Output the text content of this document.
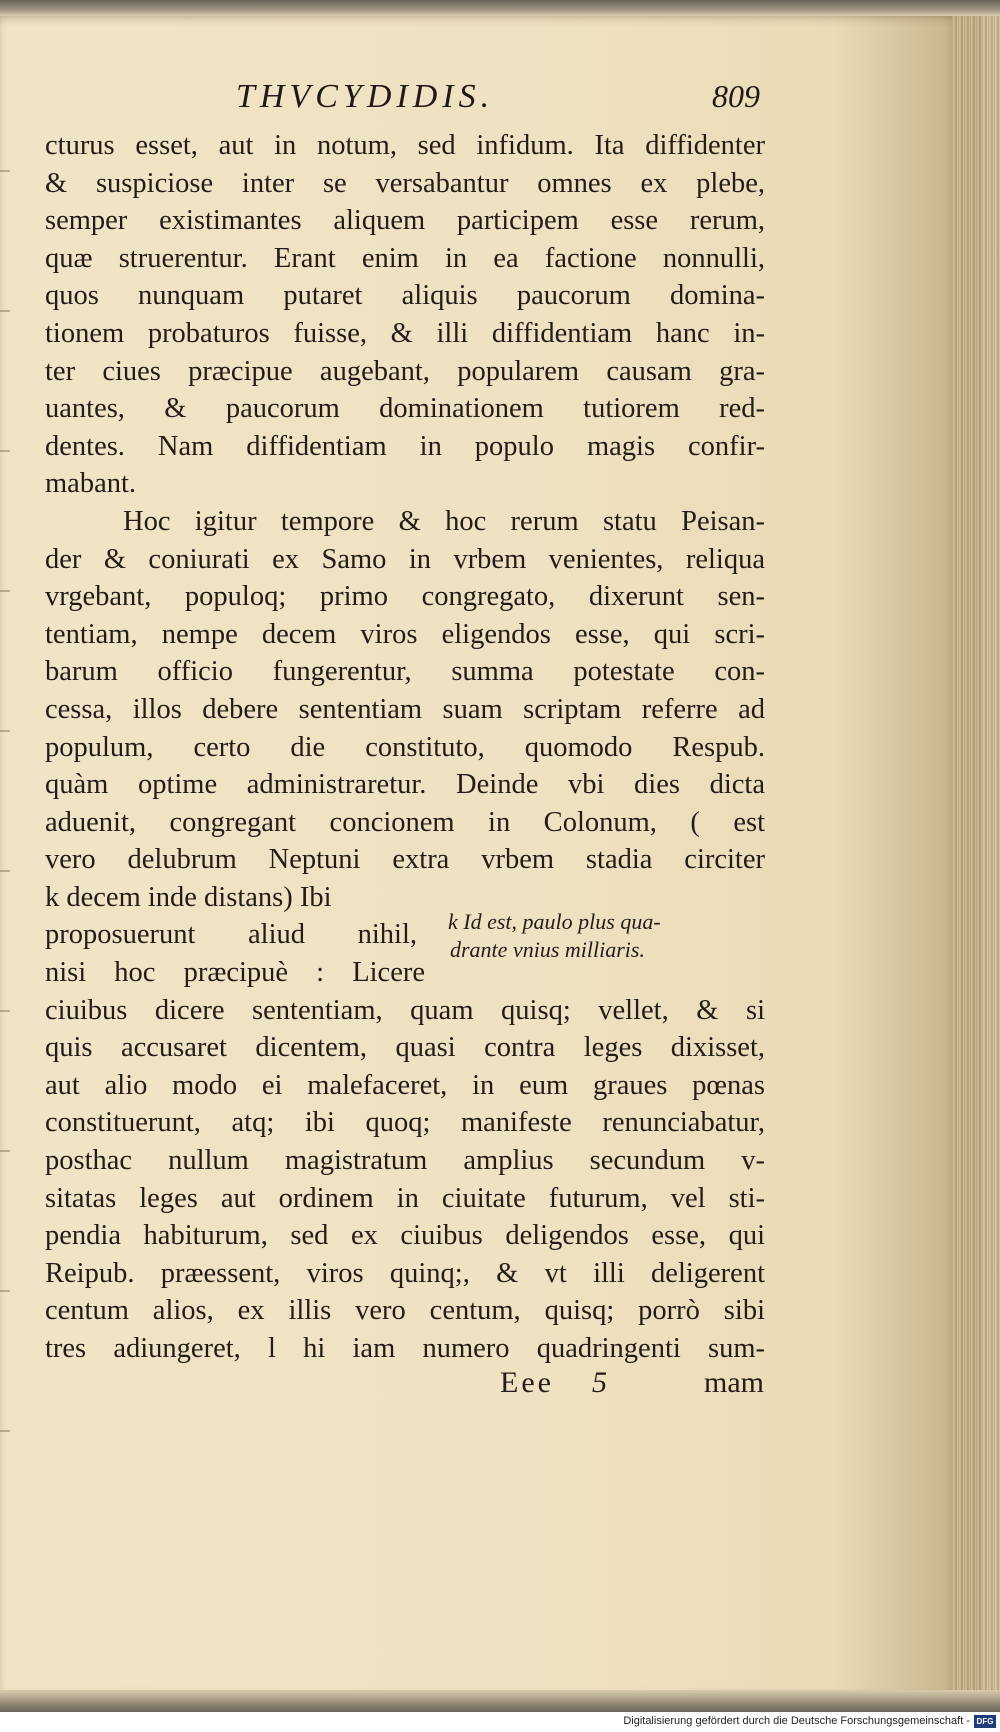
THVCYDIDIS.	809
cturus esset, aut in notum, sed infidum. Ita diffidenter
& suspiciose inter se versabantur omnes ex plebe,
semper existimantes aliquem participem esse rerum,
quæ struerentur. Erant enim in ea factione nonnulli,
quos nunquam putaret aliquis paucorum domina-
tionem probaturos fuisse, & illi diffidentiam hanc in-
ter ciues præcipue augebant, popularem causam gra-
uantes, & paucorum dominationem tutiorem red-
dentes. Nam diffidentiam in populo magis confir-
mabant.
Hoc igitur tempore & hoc rerum statu Peisan-
der & coniurati ex Samo in vrbem venientes, reliqua
vrgebant, populoq; primo congregato, dixerunt sen-
tentiam, nempe decem viros eligendos esse, qui scri-
barum officio fungerentur, summa potestate con-
cessa, illos debere sententiam suam scriptam referre ad
populum, certo die constituto, quomodo Respub.
quàm optime administraretur. Deinde vbi dies dicta
aduenit, congregant concionem in Colonum, ( est
vero delubrum Neptuni extra vrbem stadia circiter
k decem inde distans) Ibi
proposuerunt aliud nihil,
nisi hoc præcipuè : Licere
ciuibus dicere sententiam, quam quisq; vellet, & si
quis accusaret dicentem, quasi contra leges dixisset,
aut alio modo ei malefaceret, in eum graues pœnas
constituerunt, atq; ibi quoq; manifeste renunciabatur,
posthac nullum magistratum amplius secundum v-
sitatas leges aut ordinem in ciuitate futurum, vel sti-
pendia habiturum, sed ex ciuibus deligendos esse, qui
Reipub. præessent, viros quinq;, & vt illi deligerent
centum alios, ex illis vero centum, quisq; porrò sibi
tres adiungeret, l hi iam numero quadringenti sum-
k Id est, paulo plus qua-
drante vnius milliaris.
Eee 5	mam
Digitalisierung gefördert durch die Deutsche Forschungsgemeinschaft - DFG
